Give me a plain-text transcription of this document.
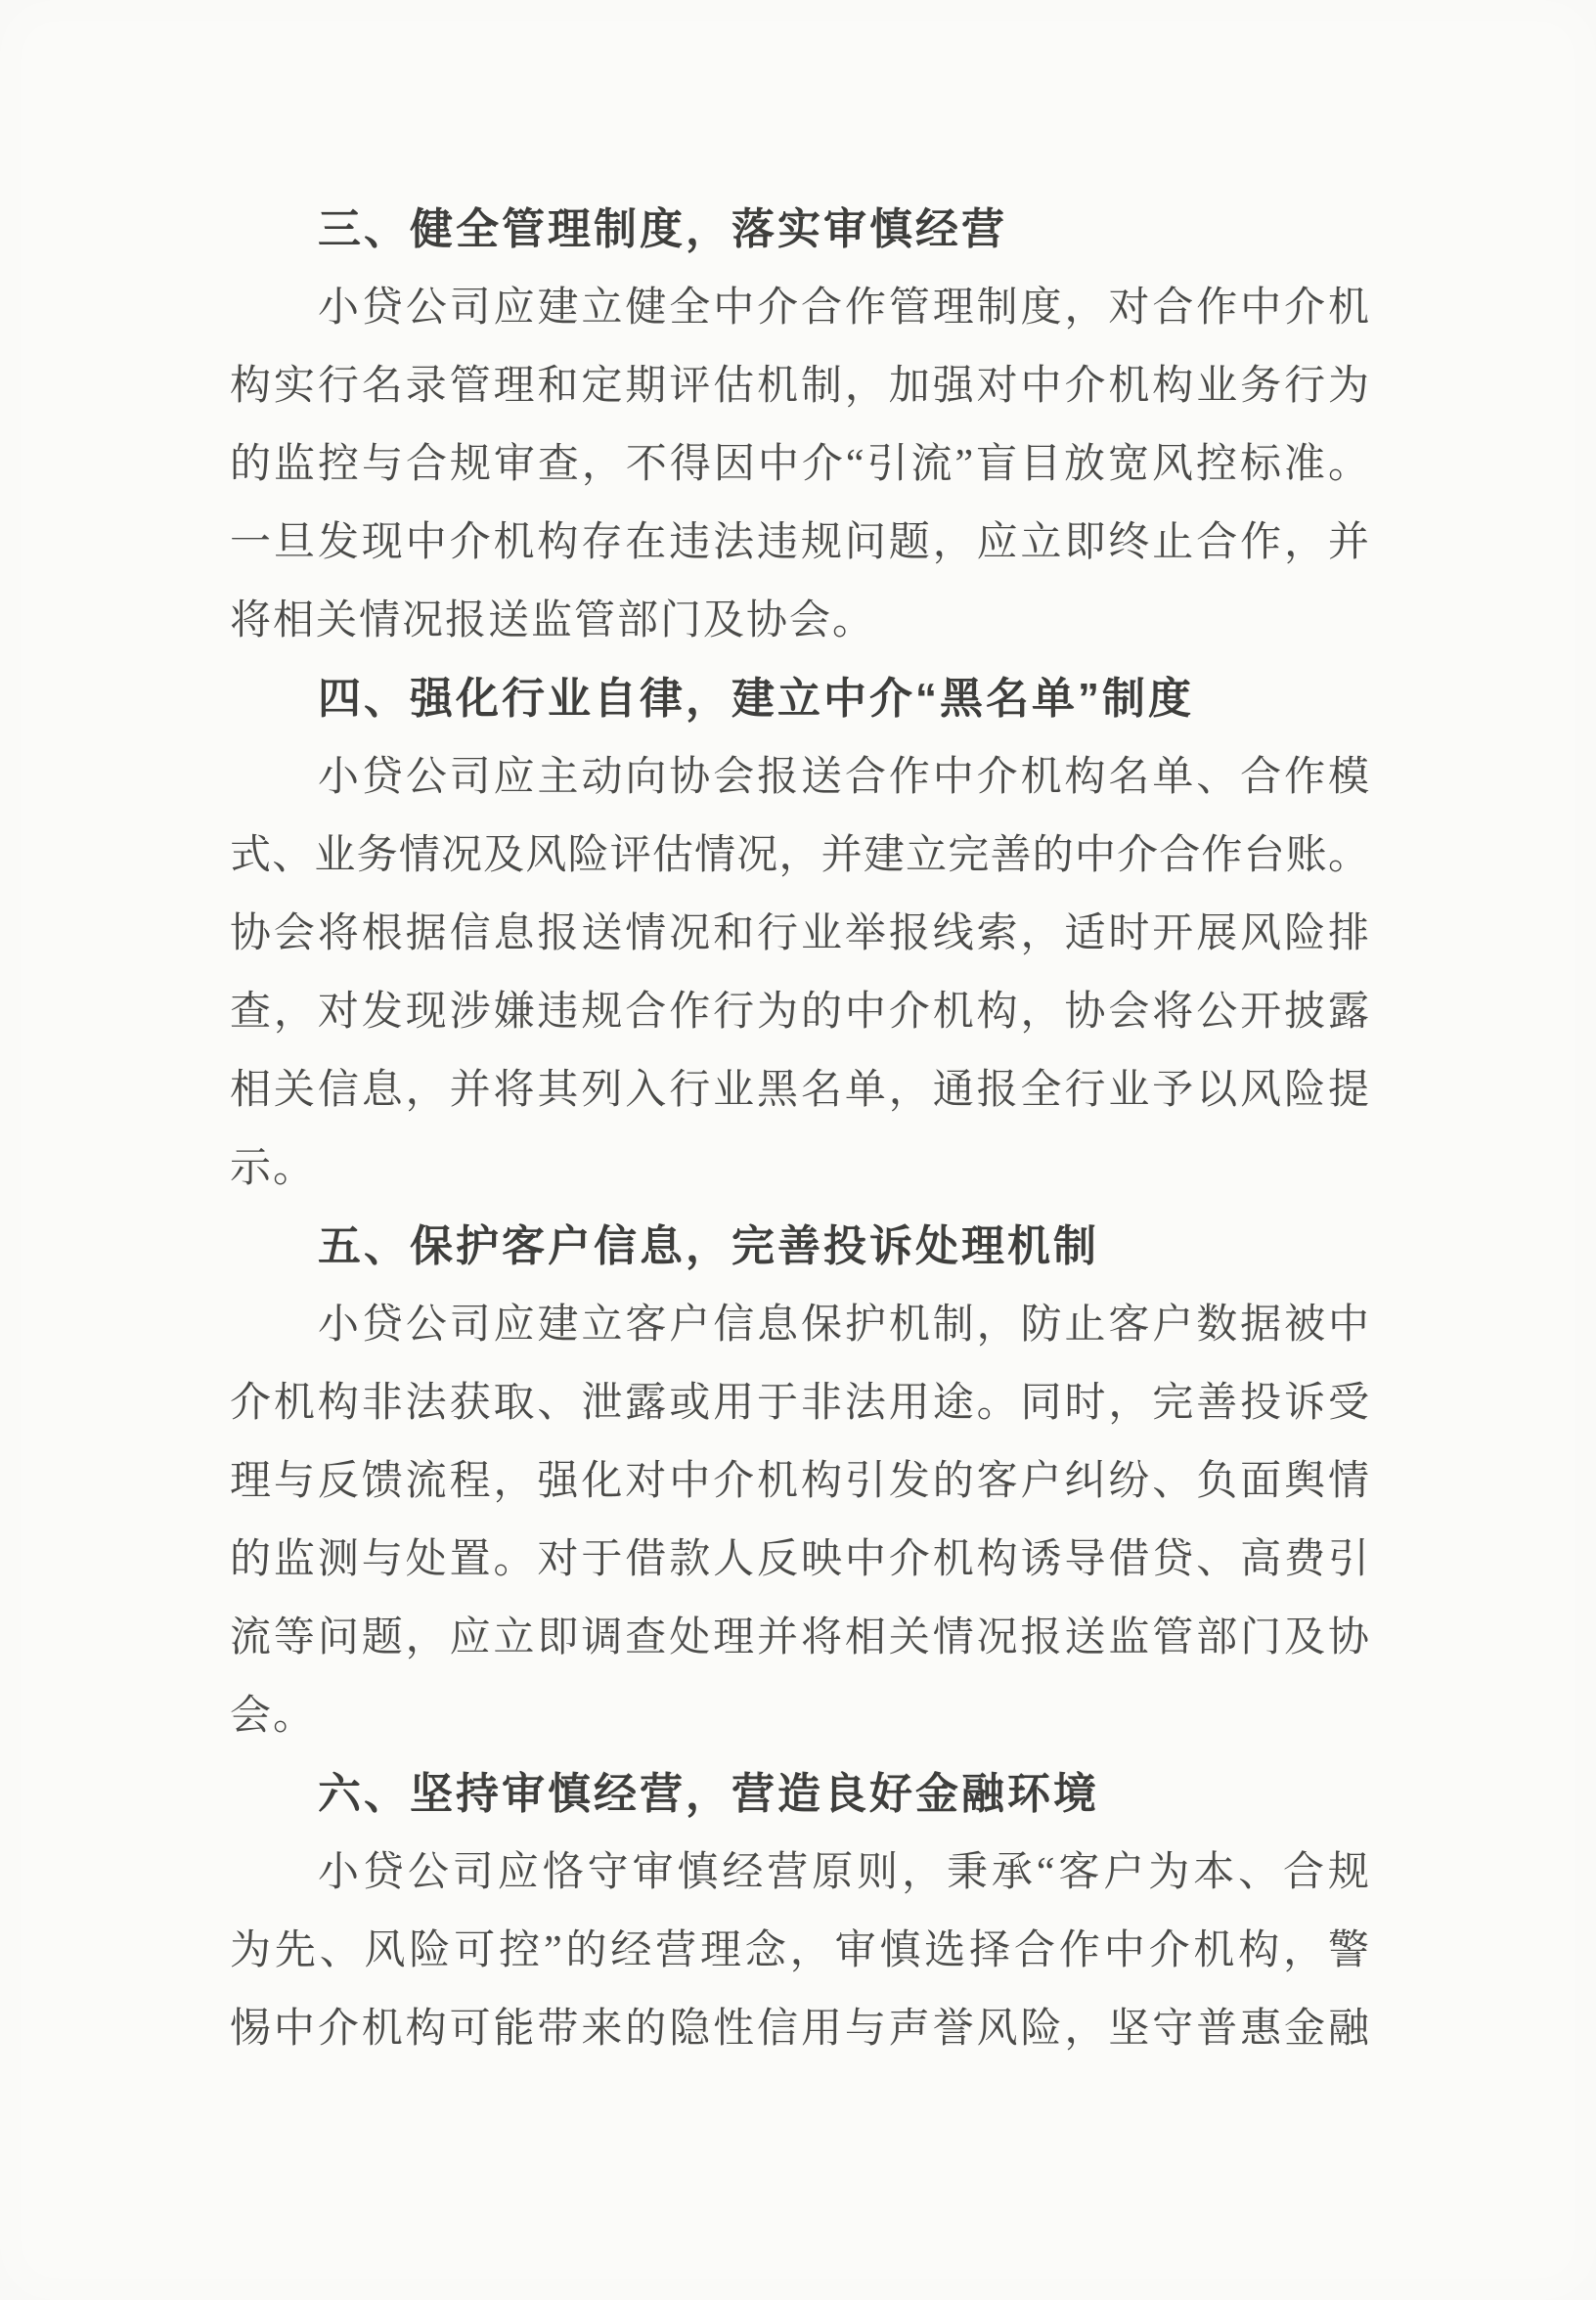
三、健全管理制度，落实审慎经营
小贷公司应建立健全中介合作管理制度，对合作中介机
构实行名录管理和定期评估机制，加强对中介机构业务行为
的监控与合规审查，不得因中介“引流”盲目放宽风控标准。
一旦发现中介机构存在违法违规问题，应立即终止合作，并
将相关情况报送监管部门及协会。
四、强化行业自律，建立中介“黑名单”制度
小贷公司应主动向协会报送合作中介机构名单、合作模
式、业务情况及风险评估情况，并建立完善的中介合作台账。
协会将根据信息报送情况和行业举报线索，适时开展风险排
查，对发现涉嫌违规合作行为的中介机构，协会将公开披露
相关信息，并将其列入行业黑名单，通报全行业予以风险提
示。
五、保护客户信息，完善投诉处理机制
小贷公司应建立客户信息保护机制，防止客户数据被中
介机构非法获取、泄露或用于非法用途。同时，完善投诉受
理与反馈流程，强化对中介机构引发的客户纠纷、负面舆情
的监测与处置。对于借款人反映中介机构诱导借贷、高费引
流等问题，应立即调查处理并将相关情况报送监管部门及协
会。
六、坚持审慎经营，营造良好金融环境
小贷公司应恪守审慎经营原则，秉承“客户为本、合规
为先、风险可控”的经营理念，审慎选择合作中介机构，警
惕中介机构可能带来的隐性信用与声誉风险，坚守普惠金融
